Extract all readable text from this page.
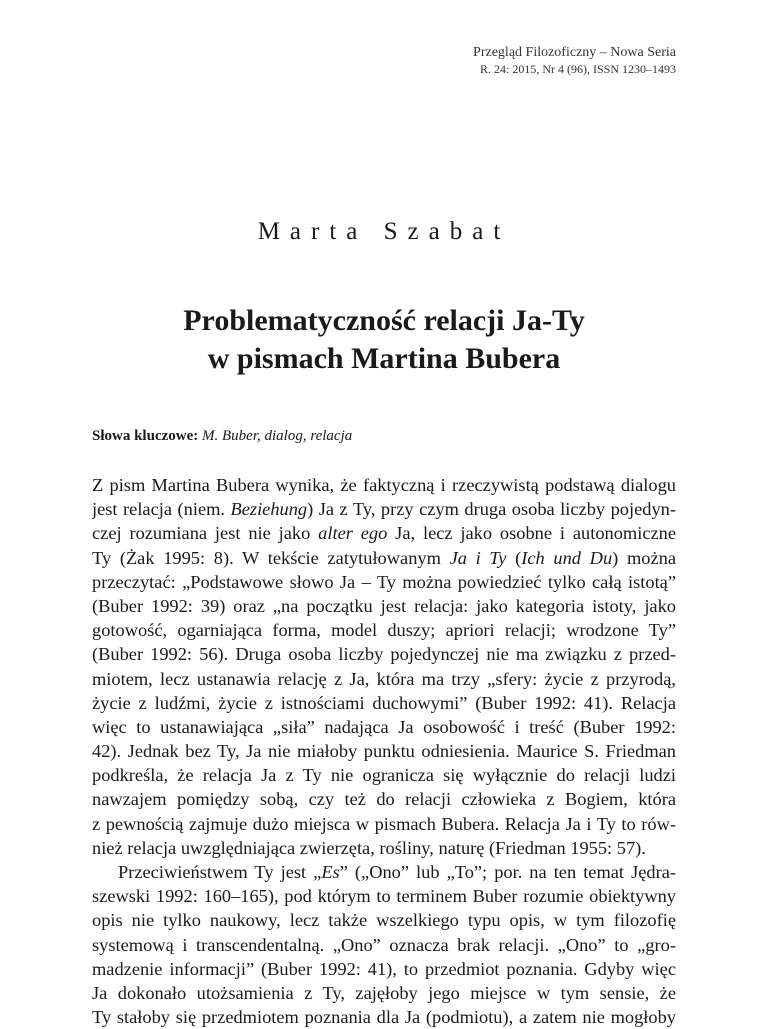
Przegląd Filozoficzny – Nowa Seria
R. 24: 2015, Nr 4 (96), ISSN 1230–1493
Marta Szabat
Problematyczność relacji Ja-Ty
w pismach Martina Bubera
Słowa kluczowe: M. Buber, dialog, relacja
Z pism Martina Bubera wynika, że faktyczną i rzeczywistą podstawą dialogu
jest relacja (niem. Beziehung) Ja z Ty, przy czym druga osoba liczby pojedyn-
czej rozumiana jest nie jako alter ego Ja, lecz jako osobne i autonomiczne
Ty (Żak 1995: 8). W tekście zatytułowanym Ja i Ty (Ich und Du) można
przeczytać: „Podstawowe słowo Ja – Ty można powiedzieć tylko całą istotą”
(Buber 1992: 39) oraz „na początku jest relacja: jako kategoria istoty, jako
gotowość, ogarniająca forma, model duszy; apriori relacji; wrodzone Ty”
(Buber 1992: 56). Druga osoba liczby pojedynczej nie ma związku z przed-
miotem, lecz ustanawia relację z Ja, która ma trzy „sfery: życie z przyrodą,
życie z ludźmi, życie z istnościami duchowymi” (Buber 1992: 41). Relacja
więc to ustanawiająca „siła” nadająca Ja osobowość i treść (Buber 1992:
42). Jednak bez Ty, Ja nie miałoby punktu odniesienia. Maurice S. Friedman
podkreśla, że relacja Ja z Ty nie ogranicza się wyłącznie do relacji ludzi
nawzajem pomiędzy sobą, czy też do relacji człowieka z Bogiem, która
z pewnością zajmuje dużo miejsca w pismach Bubera. Relacja Ja i Ty to rów-
nież relacja uwzględniająca zwierzęta, rośliny, naturę (Friedman 1955: 57).
Przeciwieństwem Ty jest „Es” („Ono” lub „To”; por. na ten temat Jędra-
szewski 1992: 160–165), pod którym to terminem Buber rozumie obiektywny
opis nie tylko naukowy, lecz także wszelkiego typu opis, w tym filozofię
systemową i transcendentalną. „Ono” oznacza brak relacji. „Ono” to „gro-
madzenie informacji” (Buber 1992: 41), to przedmiot poznania. Gdyby więc
Ja dokonało utożsamienia z Ty, zajęłoby jego miejsce w tym sensie, że
Ty stałoby się przedmiotem poznania dla Ja (podmiotu), a zatem nie mogłoby
